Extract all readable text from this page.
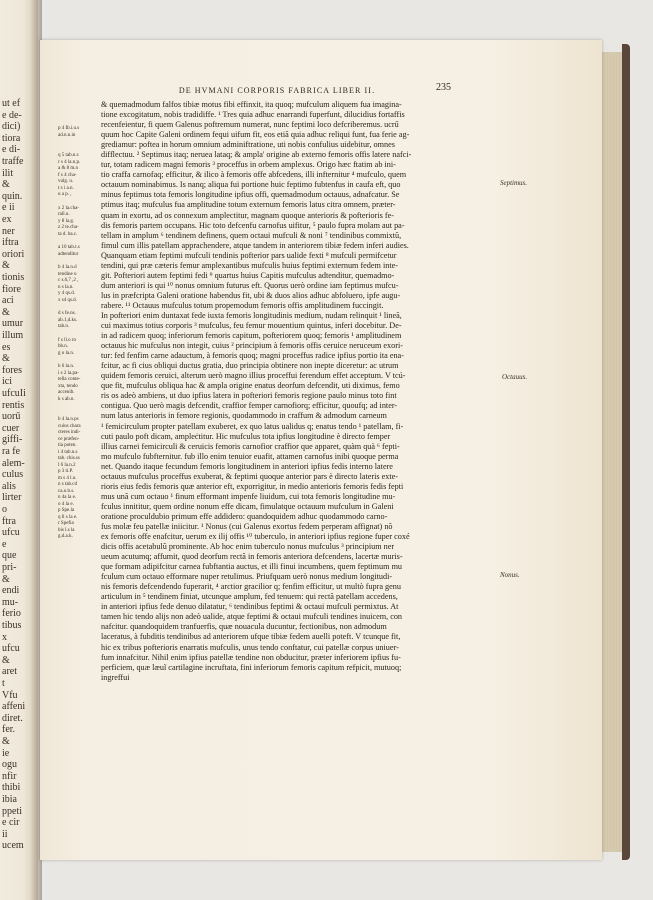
ut ef
e de-
dici)
tiora
e di-
traffe
ilit
&
quin.
e ii
ex
ner
iftra
oriori
&
tionis
fiore
aci
&
umur
illum
es
&
fores
ici
ufcuIi
rentis
uorű
cuer
giffi-
ra fe
alem-
culus
alis
lirter
o
ftra
ufcu
e
que
pri-
&
endi
mu-
ferio
tibus
x
ufcu
&
aret
t
Vfu
affeni
diret.
fer.
&
ie
ogu
nfir
thibi
ibia
ppeti
e cir
ii
ucem
DE HVMANI CORPORIS FABRICA LIBER II.	235
p 4 Ib.i.u.s
ad.n.n.in
q 5 tab.n.s
r s 4 la.n.p.
a & 8 m.n
f s 4 cha-
vulg. u.
t s i a.n.
u a p. ,
x 2 la.cha-
rall.u.
y 8 la.g.
z 2 te.cha-
ta d. ba.c.
a 10 tab.t.s
adtenditur
b 4 la.n.d
tendine u
c s.6,7 ,2 ,
n s la.n.
y 4 qs.d.
x s4 qs.d.
d s fe.ns.
ab.1,d.ks.
tab.n.
f s ll.o ro
bb.n.
g o la.n.
h 6 la.n.
i s 2 la.pa-
tella conte-
xta, tendo
accenib.
k s ab.n.
b 4 la.n.ps
cuius chara
cteres indi-
ce præfen-
tia poten.
i 4 tab.n.s
tab. chis.ss
l 6 la.n.2
p 3 ti.P.
m s 4 l.u.
n s tab.cd
ca.o.b.s.
n 4a la e.
o 4 la e.
p Spe.la
q ll s la e.
r Spefia
bis l.s la
g.d.a.k.
& quemadmodum falfos tibiæ motus fibi effinxit, ita quoq; mufculum aliquem fua imagina-
tione excogitatum, nobis tradidiffe. ¹ Tres quia adhuc enarrandi fuperfunt, dilucidius fortaffis
recenfeientur, fi quem Galenus poftremum numerat, nunc feptimi loco defcriberemus. ucrű
quum hoc Capite Galeni ordinem fequi uifum fit, eos etiã quia adhuc reliqui funt, fua ferie ag-
grediamur: poftea in horum omnium adminiftratione, uti nobis confulius uidebitur, omnes
difflectuu. ² Septimus itaq; neruea lataq; & ampla' origine ab externo femoris offis latere nafci-
tur, totam radicem magni femoris ³ proceffus in orbem amplexus. Origo hæc ftatim ab ini-
tio craffa carnofaq; efficitur, & ilico à femoris offe abfcedens, illi infternitur ⁴ mufculo, quem
octauum nominabimus. Is nanq; aliqua fui portione huic feptimo fubtenfus in caufa eft, quo
minus feptimus tota femoris longitudine ipfius offi, quemadmodum octauus, adnafcatur. Se
ptimus itaq; mufculus fua amplitudine totum externum femoris latus citra omnem, præter-
quam in exortu, ad os connexum amplectitur, magnam quoque anterioris & pofterioris fe-
dis femoris partem occupans. Hic toto defcenfu carnofus uifitur, ⁵ paulo fupra molam aut pa-
tellam in amplum ⁶ tendinem definens, quem octaui mufculi & noni ⁷ tendinibus commixtũ,
fimul cum illis patellam apprachendere, atque tandem in anteriorem tibiæ fedem inferi audies.
Quanquam etiam feptimi mufculi tendinis pofterior pars ualide fexti ⁸ mufculi permifcetur
tendini, qui præ cæteris femur amplexantibus mufculis huius feptimi externum fedem inte-
git. Pofteriori autem feptimi fedi ⁹ quartus huius Capitis mufculus adtenditur, quemadmo-
dum anteriori is qui ¹⁰ nonus omnium futurus eft. Quorus uerò ordine iam feptimus mufcu-
lus in præfcripta Galeni oratione habendus fit, ubi & duos alios adhuc abfoluero, ipfe augu-
rabere. ¹¹ Octauus mufculus totum propemodum femoris offis amplitudinem fuccingit.
In pofteriori enim duntaxat fede iuxta femoris longitudinis medium, nudam relinquit ¹ lineã,
cui maximus totius corporis ³ mufculus, feu femur mouentium quintus, inferi docebitur. De-
in ad radicem quoq; inferiorum femoris capitum, pofteriorem quoq; femoris ¹ amplitudinem
octauus hic mufculus non integit, cuius ² principium à femoris offis ceruice neruceum exori-
tur: fed fenfim carne adauctum, à femoris quoq; magni proceffus radice ipfius portio ita ena-
fcitur, ac fi cius obliqui ductus gratia, duo principia obtinere non inepte diceretur: ac utrum
quidem femoris ceruici, alterum uerò magno illius proceffui ferendum effet acceptum. V tcú-
que fit, mufculus obliqua hac & ampla origine enatus deorfum defcendit, uti diximus, femo
ris os adeò ambiens, ut duo ipfius latera in pofteriori femoris regione paulo minus toto fint
contigua. Quo uerò magis defcendit, craffior femper carnofiorq; efficitur, quoufq; ad inter-
num latus anterioris in femore regionis, quodammodo in craffum & admodum carneum
¹ femicirculum propter patellam exuberet, ex quo latus ualidus q; enatus tendo ¹ patellam, fi-
cuti paulo poft dicam, ampleċtitur. Hic mufculus tota ipfius longitudine è directo femper
illius carnei femicirculi & ceruicis femoris carnofior craffior que apparet, quàm quà ⁶ fepti-
mo mufculo fubfternitur. fub illo enim tenuior euafit, attamen carnofus inibi quoque perma
net. Quando itaque fecundum femoris longitudinem in anteriori ipfius fedis interno latere
octauus mufculus proceffus exuberat, & feptimi quoque anterior pars è directo lateris exte-
rioris eius fedis femoris quæ anterior eft, exporrigitur, in medio anterioris femoris fedis fepti
mus unã cum octauo ¹ finum efformant impenfe liuidum, cui tota femoris longitudine mu-
fculus innititur, quem ordine nonum effe dicam, fimulatque octauum mufculum in Galeni
oratione proculdubio primum effe addidero: quandoquidem adhuc quodammodo carno-
fus molæ feu patellæ iniicitur. ¹ Nonus (cui Galenus exortus fedem perperam affignat) nõ
ex femoris offe enafcitur, uerum ex ilij offis ¹⁰ tuberculo, in anteriori ipfius regione fuper coxé
dicis offis acetabulũ prominente. Ab hoc enim tuberculo nonus mufculus ³ principium ner
ueum acutumq; affumit, quod deorfum rectã in femoris anteriora defcendens, lacertæ muris-
que formam adipifcitur carnea fubftantia auctus, et illi finui incumbens, quem feptimum mu
fculum cum octauo efformare nuper retulimus. Priufquam uerò nonus medium longitudi-
nis femoris defcendendo fuperarit, ⁴ arctior gracilior q; fenfim efficitur, ut multò fupra genu
articulum in ⁵ tendinem finiat, utcunque amplum, fed tenuem: qui rectã patellam accedens,
in anteriori ipfius fede denuo dilatatur, ⁶ tendinibus feptimi & octaui mufculi permixtus. At
tamen hic tendo alijs non adeò ualide, atque feptimi & octaui mufculi tendines inuicem, con
nafcitur. quandoquidem tranfuerfis, quæ nouacula ducuntur, fectionibus, non admodum
laceratus, à fubditis tendinibus ad anteriorem ufque tibiæ fedem auelli poteft. V tcunque fit,
hic ex tribus pofterioris enarratis mufculis, unus tendo conftatur, cui patellæ corpus uniuer-
fum innafcitur. Nihil enim ipfius patellæ tendine non obducitur, præter inferiorem ipfius fu-
perficiem, quæ læuĩ cartilagine incruftata, fini inferiorum femoris capitum refpicit, mutuoq;
ingreffui
Septimus.
Octauus.
Nonus.
